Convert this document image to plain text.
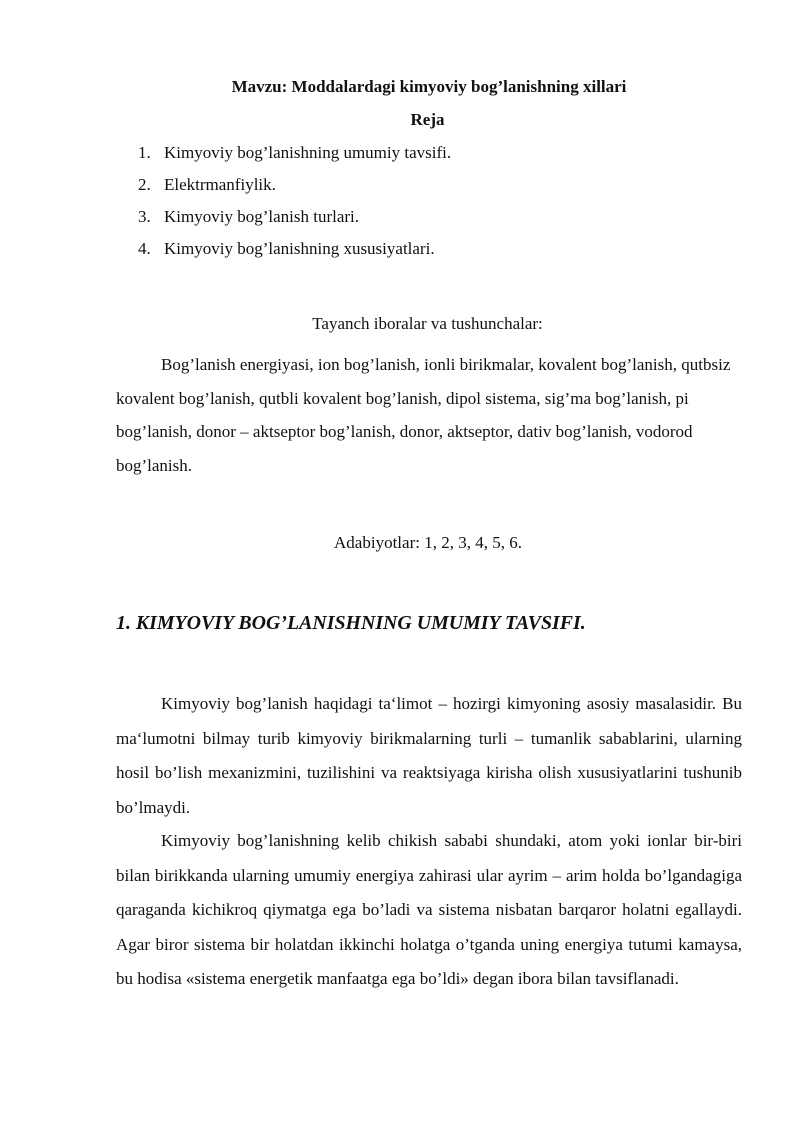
Mavzu: Moddalardagi kimyoviy bog’lanishning xillari
Reja
1. Kimyoviy bog’lanishning umumiy tavsifi.
2. Elektrmanfiylik.
3. Kimyoviy bog’lanish turlari.
4. Kimyoviy bog’lanishning xususiyatlari.

Tayanch iboralar va tushunchalar:

Bog’lanish energiyasi, ion bog’lanish, ionli birikmalar, kovalent bog’lanish, qutbsiz kovalent bog’lanish, qutbli kovalent bog’lanish, dipol sistema, sig’ma bog’lanish, pi bog’lanish, donor – aktseptor bog’lanish, donor, aktseptor, dativ bog’lanish, vodorod bog’lanish.

Adabiyotlar: 1, 2, 3, 4, 5, 6.

1. KIMYOVIY BOG’LANISHNING UMUMIY TAVSIFI.

Kimyoviy bog’lanish haqidagi ta‘limot – hozirgi kimyoning asosiy masalasidir. Bu ma‘lumotni bilmay turib kimyoviy birikmalarning turli – tumanlik sabablarini, ularning hosil bo’lish mexanizmini, tuzilishini va reaktsiyaga kirisha olish xususiyatlarini tushunib bo’lmaydi.

Kimyoviy bog’lanishning kelib chikish sababi shundaki, atom yoki ionlar bir-biri bilan birikkanda ularning umumiy energiya zahirasi ular ayrim – arim holda bo’lgandagiga qaraganda kichikroq qiymatga ega bo’ladi va sistema nisbatan barqaror holatni egallaydi. Agar biror sistema bir holatdan ikkinchi holatga o’tganda uning energiya tutumi kamaysa, bu hodisa «sistema energetik manfaatga ega bo’ldi» degan ibora bilan tavsiflanadi.
